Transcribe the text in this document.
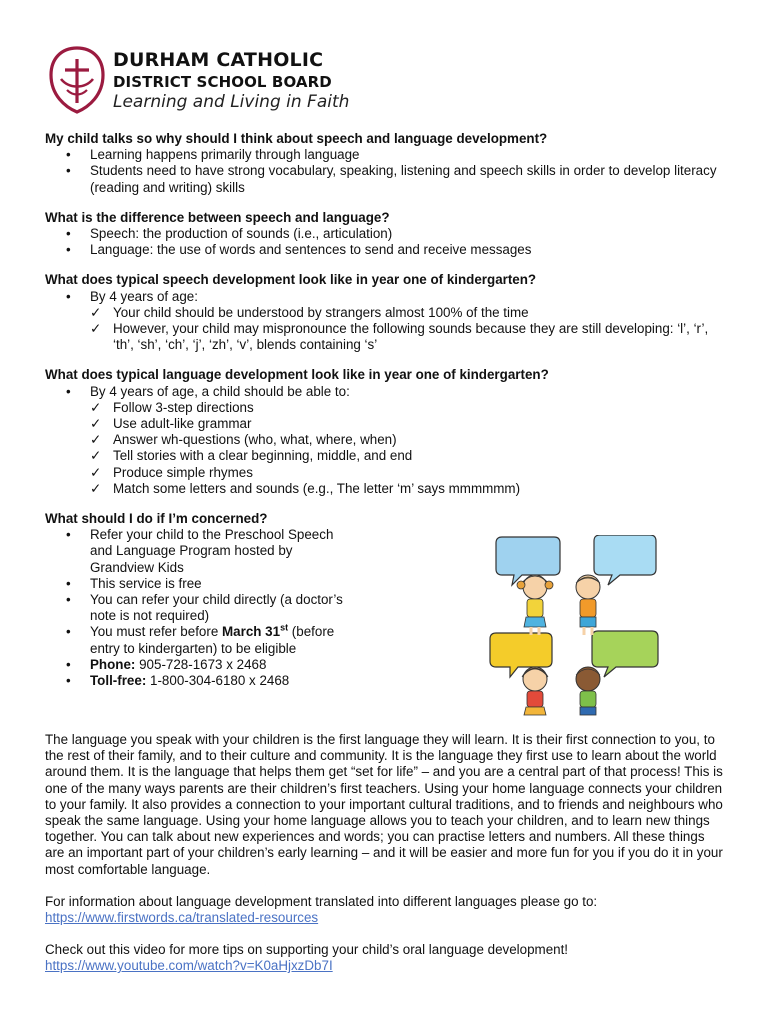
DURHAM CATHOLIC
DISTRICT SCHOOL BOARD
Learning and Living in Faith
My child talks so why should I think about speech and language development?
• Learning happens primarily through language
• Students need to have strong vocabulary, speaking, listening and speech skills in order to develop literacy (reading and writing) skills
What is the difference between speech and language?
• Speech: the production of sounds (i.e., articulation)
• Language: the use of words and sentences to send and receive messages
What does typical speech development look like in year one of kindergarten?
• By 4 years of age:
✓ Your child should be understood by strangers almost 100% of the time
✓ However, your child may mispronounce the following sounds because they are still developing: ‘l’, ‘r’, ‘th’, ‘sh’, ‘ch’, ‘j’, ‘zh’, ‘v’, blends containing ‘s’
What does typical language development look like in year one of kindergarten?
• By 4 years of age, a child should be able to:
✓ Follow 3-step directions
✓ Use adult-like grammar
✓ Answer wh-questions (who, what, where, when)
✓ Tell stories with a clear beginning, middle, and end
✓ Produce simple rhymes
✓ Match some letters and sounds (e.g., The letter ‘m’ says mmmmmm)
What should I do if I’m concerned?
• Refer your child to the Preschool Speech and Language Program hosted by Grandview Kids
• This service is free
• You can refer your child directly (a doctor’s note is not required)
• You must refer before March 31st (before entry to kindergarten) to be eligible
• Phone: 905-728-1673 x 2468
• Toll-free: 1-800-304-6180 x 2468

The language you speak with your children is the first language they will learn. It is their first connection to you, to the rest of their family, and to their culture and community. It is the language they first use to learn about the world around them. It is the language that helps them get “set for life” – and you are a central part of that process! This is one of the many ways parents are their children’s first teachers. Using your home language connects your children to your family. It also provides a connection to your important cultural traditions, and to friends and neighbours who speak the same language. Using your home language allows you to teach your children, and to learn new things together. You can talk about new experiences and words; you can practise letters and numbers. All these things are an important part of your children’s early learning – and it will be easier and more fun for you if you do it in your most comfortable language.

For information about language development translated into different languages please go to:
https://www.firstwords.ca/translated-resources

Check out this video for more tips on supporting your child’s oral language development!
https://www.youtube.com/watch?v=K0aHjxzDb7I
